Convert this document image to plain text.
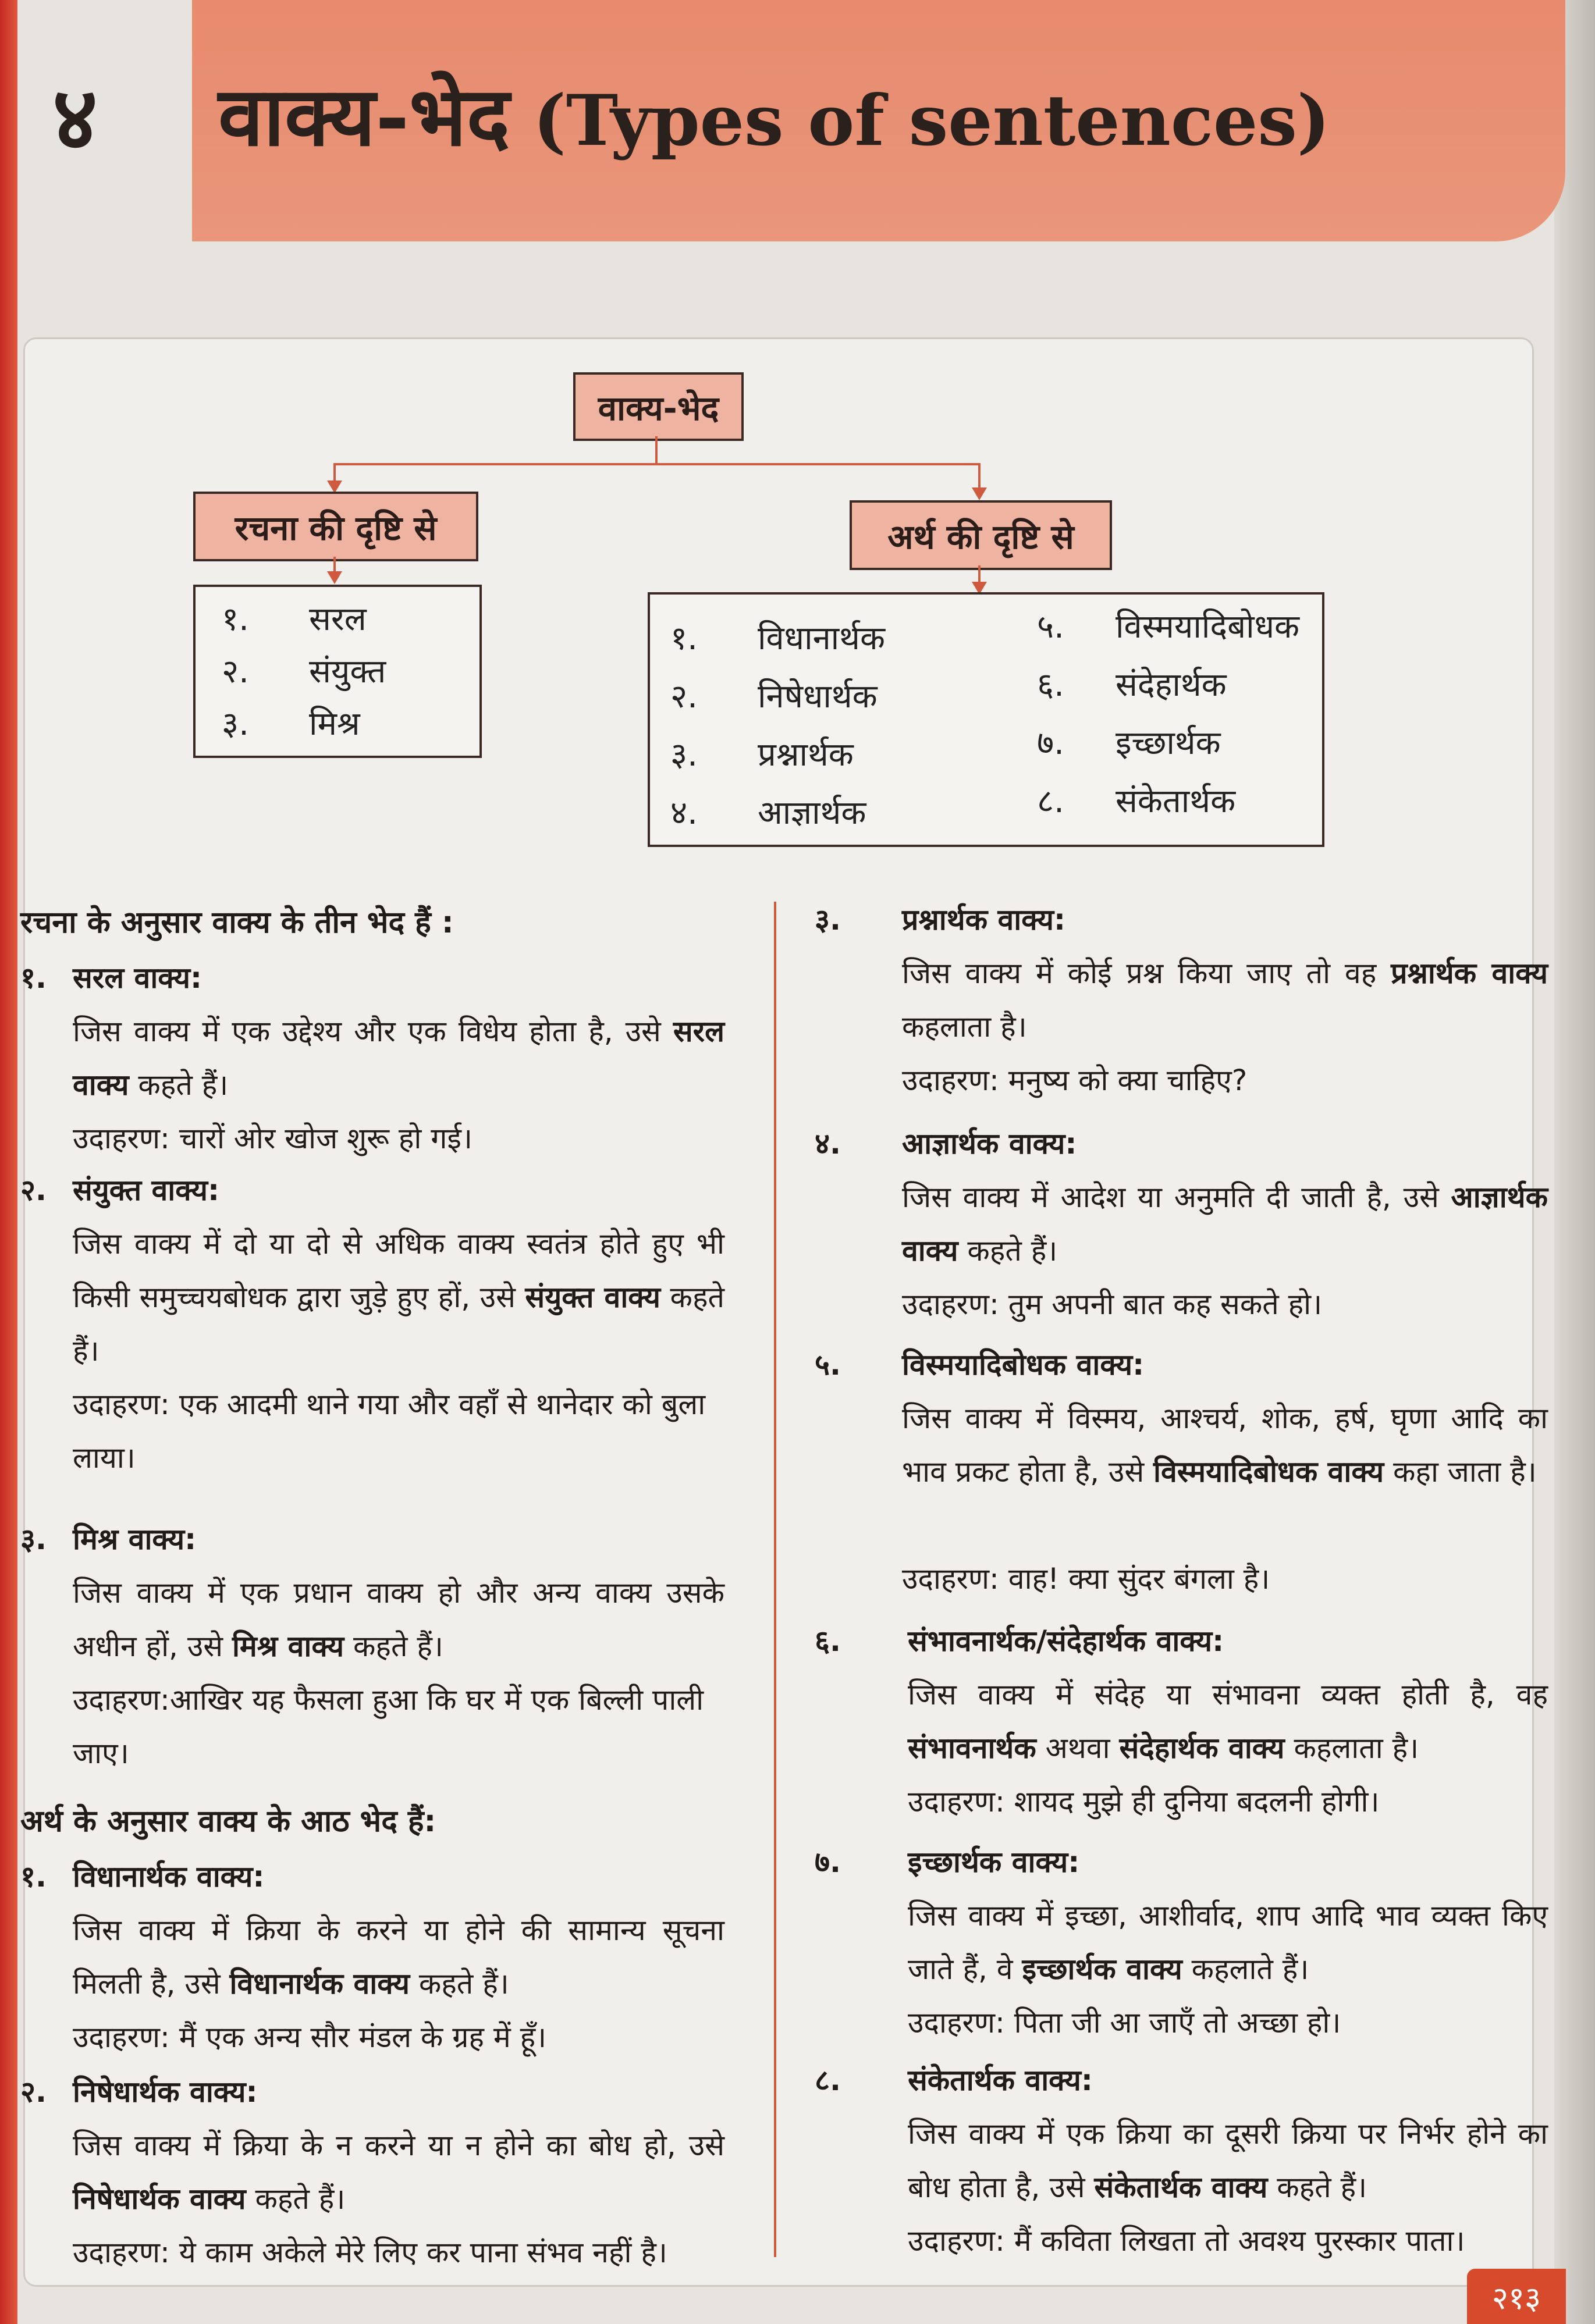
४ वाक्य-भेद (Types of sentences)
वाक्य-भेद
रचना की दृष्टि से	अर्थ की दृष्टि से
१. सरल
२. संयुक्त
३. मिश्र
१. विधानार्थक
२. निषेधार्थक
३. प्रश्नार्थक
४. आज्ञार्थक
५. विस्मयादिबोधक
६. संदेहार्थक
७. इच्छार्थक
८. संकेतार्थक
रचना के अनुसार वाक्य के तीन भेद हैं :
१. सरल वाक्य:
जिस वाक्य में एक उद्देश्य और एक विधेय होता है, उसे सरल वाक्य कहते हैं।
उदाहरण: चारों ओर खोज शुरू हो गई।
२. संयुक्त वाक्य:
जिस वाक्य में दो या दो से अधिक वाक्य स्वतंत्र होते हुए भी किसी समुच्चयबोधक द्वारा जुड़े हुए हों, उसे संयुक्त वाक्य कहते हैं।
उदाहरण: एक आदमी थाने गया और वहाँ से थानेदार को बुला लाया।
३. मिश्र वाक्य:
जिस वाक्य में एक प्रधान वाक्य हो और अन्य वाक्य उसके अधीन हों, उसे मिश्र वाक्य कहते हैं।
उदाहरण:आखिर यह फैसला हुआ कि घर में एक बिल्ली पाली जाए।
अर्थ के अनुसार वाक्य के आठ भेद हैं:
१. विधानार्थक वाक्य:
जिस वाक्य में क्रिया के करने या होने की सामान्य सूचना मिलती है, उसे विधानार्थक वाक्य कहते हैं।
उदाहरण: मैं एक अन्य सौर मंडल के ग्रह में हूँ।
२. निषेधार्थक वाक्य:
जिस वाक्य में क्रिया के न करने या न होने का बोध हो, उसे निषेधार्थक वाक्य कहते हैं।
उदाहरण: ये काम अकेले मेरे लिए कर पाना संभव नहीं है।
३. प्रश्नार्थक वाक्य:
जिस वाक्य में कोई प्रश्न किया जाए तो वह प्रश्नार्थक वाक्य कहलाता है।
उदाहरण: मनुष्य को क्या चाहिए?
४. आज्ञार्थक वाक्य:
जिस वाक्य में आदेश या अनुमति दी जाती है, उसे आज्ञार्थक वाक्य कहते हैं।
उदाहरण: तुम अपनी बात कह सकते हो।
५. विस्मयादिबोधक वाक्य:
जिस वाक्य में विस्मय, आश्चर्य, शोक, हर्ष, घृणा आदि का भाव प्रकट होता है, उसे विस्मयादिबोधक वाक्य कहा जाता है।
उदाहरण: वाह! क्या सुंदर बंगला है।
६. संभावनार्थक/संदेहार्थक वाक्य:
जिस वाक्य में संदेह या संभावना व्यक्त होती है, वह संभावनार्थक अथवा संदेहार्थक वाक्य कहलाता है।
उदाहरण: शायद मुझे ही दुनिया बदलनी होगी।
७. इच्छार्थक वाक्य:
जिस वाक्य में इच्छा, आशीर्वाद, शाप आदि भाव व्यक्त किए जाते हैं, वे इच्छार्थक वाक्य कहलाते हैं।
उदाहरण: पिता जी आ जाएँ तो अच्छा हो।
८. संकेतार्थक वाक्य:
जिस वाक्य में एक क्रिया का दूसरी क्रिया पर निर्भर होने का बोध होता है, उसे संकेतार्थक वाक्य कहते हैं।
उदाहरण: मैं कविता लिखता तो अवश्य पुरस्कार पाता।
२१३
